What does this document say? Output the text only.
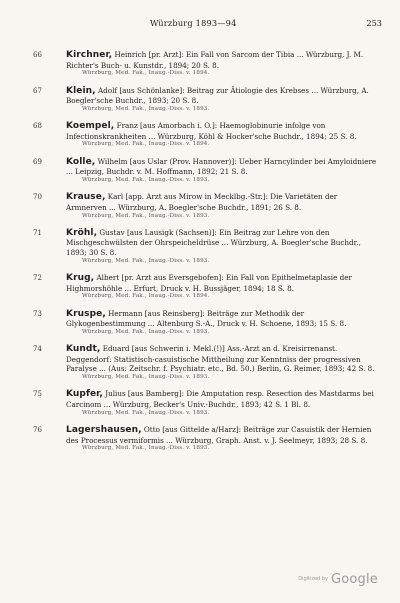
Würzburg 1893—94	253
66	Kirchner, Heinrich [pr. Arzt]: Ein Fall von Sarcom der Tibia ... Würzburg, J. M. Richter's Buch- u. Kunstdr., 1894; 20 S. 8.
Würzburg, Med. Fak., Inaug.-Diss. v. 1894.
67	Klein, Adolf [aus Schönlanke]: Beitrag zur Ätiologie des Krebses ... Würzburg, A. Boegler'sche Buchdr., 1893; 20 S. 8.
Würzburg, Med. Fak., Inaug.-Diss. v. 1893.
68	Koempel, Franz [aus Amorbach i. O.]: Haemoglobinurie infolge von Infectionskrankheiten ... Würzburg, Köhl & Hocker'sche Buchdr., 1894; 25 S. 8.
Würzburg, Med. Fak., Inaug.-Diss. v. 1894.
69	Kolle, Wilhelm [aus Uslar (Prov. Hannover)]: Ueber Harncylinder bei Amyloidniere ... Leipzig, Buchdr. v. M. Hoffmann, 1892; 21 S. 8.
Würzburg, Med. Fak., Inaug.-Diss. v. 1893.
70	Krause, Karl [app. Arzt aus Mirow in Mecklbg.-Str.]: Die Varietäten der Armnerven ... Würzburg, A. Boegler'sche Buchdr., 1891; 26 S. 8.
Würzburg, Med. Fak., Inaug.-Diss. v. 1893.
71	Kröhl, Gustav [aus Lausigk (Sachsen)]: Ein Beitrag zur Lehre von den Mischgeschwülsten der Ohrspeicheldrüse ... Würzburg, A. Boegler'sche Buchdr., 1893; 30 S. 8.
Würzburg, Med. Fak., Inaug.-Diss. v. 1893.
72	Krug, Albert [pr. Arzt aus Eversgebofen]: Ein Fall von Epithelmetaplasie der Highmorshöhle ... Erfurt, Druck v. H. Bussjäger, 1894; 18 S. 8.
Würzburg, Med. Fak., Inaug.-Diss. v. 1894.
73	Kruspe, Hermann [aus Reinsberg]: Beiträge zur Methodik der Glykogenbestimmung ... Altenburg S.-A., Druck v. H. Schoene, 1893; 15 S. 8.
Würzburg, Med. Fak., Inaug.-Diss. v. 1893.
74	Kundt, Eduard [aus Schwerin i. Mekl.(!)] Ass.-Arzt an d. Kreisirrenanst. Deggendorf: Statistisch-casuistische Mittheilung zur Kenntniss der progressiven Paralyse ... (Aus: Zeitschr. f. Psychiatr. etc., Bd. 50.) Berlin, G. Reimer, 1893; 42 S. 8.
Würzburg, Med. Fak., Inaug.-Diss. v. 1893.
75	Kupfer, Julius [aus Bamberg]: Die Amputation resp. Resection des Mastdarms bei Carcinom ... Würzburg, Becker's Univ.-Buchdr., 1893; 42 S. 1 Bl. 8.
Würzburg, Med. Fak., Inaug.-Diss. v. 1893.
76	Lagershausen, Otto [aus Gittelde a/Harz]: Beiträge zur Casuistik der Hernien des Processus vermiformis ... Würzburg, Graph. Anst. v. J. Seelmeyr, 1893; 28 S. 8.
Würzburg, Med. Fak., Inaug.-Diss. v. 1893.
Digitized by Google
